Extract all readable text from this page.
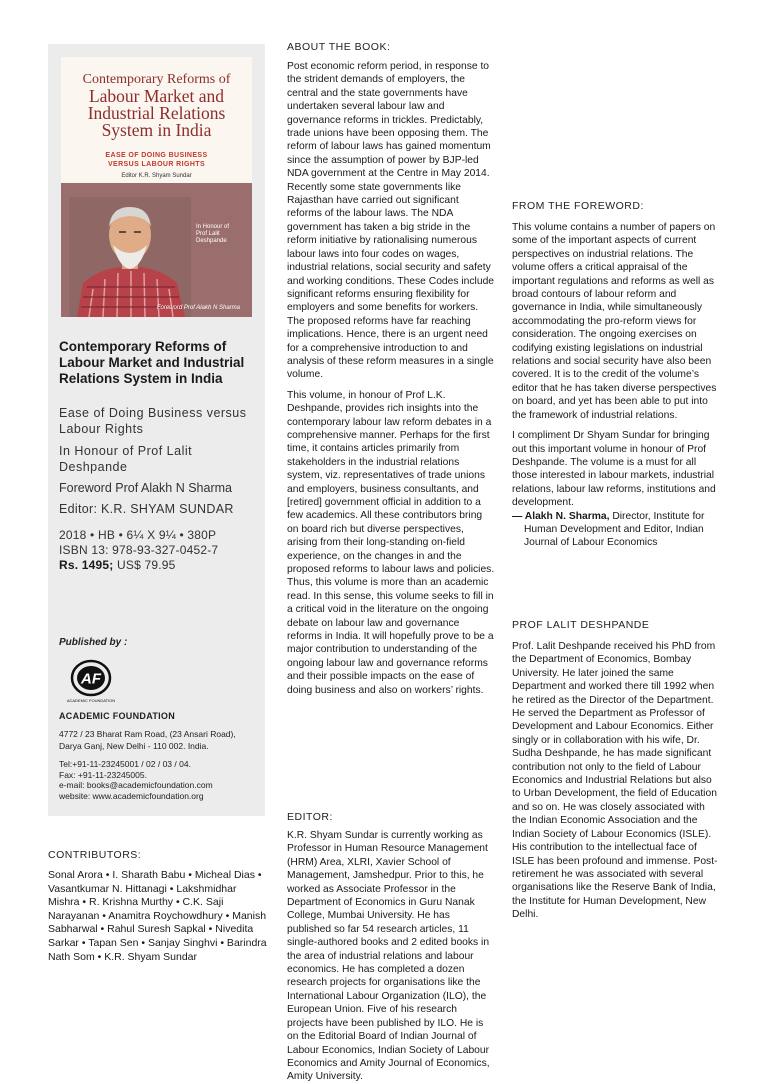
Contemporary Reforms of
Labour Market and
Industrial Relations
System in India
EASE OF DOING BUSINESS
VERSUS LABOUR RIGHTS
Editor K.R. Shyam Sundar
In Honour of
Prof Lalit Deshpande
Foreword Prof Alakh N Sharma
Contemporary Reforms of Labour Market and Industrial Relations System in India
Ease of Doing Business versus Labour Rights
In Honour of Prof Lalit Deshpande
Foreword Prof Alakh N Sharma
Editor: K.R. SHYAM SUNDAR
2018 • HB • 6¼ X 9¼ • 380P
ISBN 13: 978-93-327-0452-7
Rs. 1495; US$ 79.95
Published by :
AF
ACADEMIC FOUNDATION
ACADEMIC FOUNDATION
4772 / 23 Bharat Ram Road, (23 Ansari Road),
Darya Ganj, New Delhi - 110 002. India.
Tel:+91-11-23245001 / 02 / 03 / 04.
Fax: +91-11-23245005.
e-mail: books@academicfoundation.com
website: www.academicfoundation.org
CONTRIBUTORS:
Sonal Arora • I. Sharath Babu • Micheal Dias • Vasantkumar N. Hittanagi • Lakshmidhar Mishra • R. Krishna Murthy • C.K. Saji Narayanan • Anamitra Roychowdhury • Manish Sabharwal • Rahul Suresh Sapkal • Nivedita Sarkar • Tapan Sen • Sanjay Singhvi • Barindra Nath Som • K.R. Shyam Sundar
ABOUT THE BOOK:

Post economic reform period, in response to the strident demands of employers, the central and the state governments have undertaken several labour law and governance reforms in trickles. Predictably, trade unions have been opposing them. The reform of labour laws has gained momentum since the assumption of power by BJP-led NDA government at the Centre in May 2014. Recently some state governments like Rajasthan have carried out significant reforms of the labour laws. The NDA government has taken a big stride in the reform initiative by rationalising numerous labour laws into four codes on wages, industrial relations, social security and safety and working conditions. These Codes include significant reforms ensuring flexibility for employers and some benefits for workers. The proposed reforms have far reaching implications. Hence, there is an urgent need for a comprehensive introduction to and analysis of these reform measures in a single volume.

This volume, in honour of Prof L.K. Deshpande, provides rich insights into the contemporary labour law reform debates in a comprehensive manner. Perhaps for the first time, it contains articles primarily from stakeholders in the industrial relations system, viz. representatives of trade unions and employers, business consultants, and [retired] government official in addition to a few academics. All these contributors bring on board rich but diverse perspectives, arising from their long-standing on-field experience, on the changes in and the proposed reforms to labour laws and policies. Thus, this volume is more than an academic read. In this sense, this volume seeks to fill in a critical void in the literature on the ongoing debate on labour law and governance reforms in India. It will hopefully prove to be a major contribution to understanding of the ongoing labour law and governance reforms and their possible impacts on the ease of doing business and also on workers’ rights.

EDITOR:
K.R. Shyam Sundar is currently working as Professor in Human Resource Management (HRM) Area, XLRI, Xavier School of Management, Jamshedpur. Prior to this, he worked as Associate Professor in the Department of Economics in Guru Nanak College, Mumbai University. He has published so far 54 research articles, 11 single-authored books and 2 edited books in the area of industrial relations and labour economics. He has completed a dozen research projects for organisations like the International Labour Organization (ILO), the European Union. Five of his research projects have been published by ILO. He is on the Editorial Board of Indian Journal of Labour Economics, Indian Society of Labour Economics and Amity Journal of Economics, Amity University.
FROM THE FOREWORD:

This volume contains a number of papers on some of the important aspects of current perspectives on industrial relations. The volume offers a critical appraisal of the important regulations and reforms as well as broad contours of labour reform and governance in India, while simultaneously accommodating the pro-reform views for consideration. The ongoing exercises on codifying existing legislations on industrial relations and social security have also been covered. It is to the credit of the volume’s editor that he has taken diverse perspectives on board, and yet has been able to put into the framework of industrial relations.

I compliment Dr Shyam Sundar for bringing out this important volume in honour of Prof Deshpande. The volume is a must for all those interested in labour markets, industrial relations, labour law reforms, institutions and development.

— Alakh N. Sharma, Director, Institute for Human Development and Editor, Indian Journal of Labour Economics
PROF LALIT DESHPANDE
Prof. Lalit Deshpande received his PhD from the Department of Economics, Bombay University. He later joined the same Department and worked there till 1992 when he retired as the Director of the Department. He served the Department as Professor of Development and Labour Economics. Either singly or in collaboration with his wife, Dr. Sudha Deshpande, he has made significant contribution not only to the field of Labour Economics and Industrial Relations but also to Urban Development, the field of Education and so on. He was closely associated with the Indian Economic Association and the Indian Society of Labour Economics (ISLE). His contribution to the intellectual face of ISLE has been profound and immense. Post-retirement he was associated with several organisations like the Reserve Bank of India, the Institute for Human Development, New Delhi.
